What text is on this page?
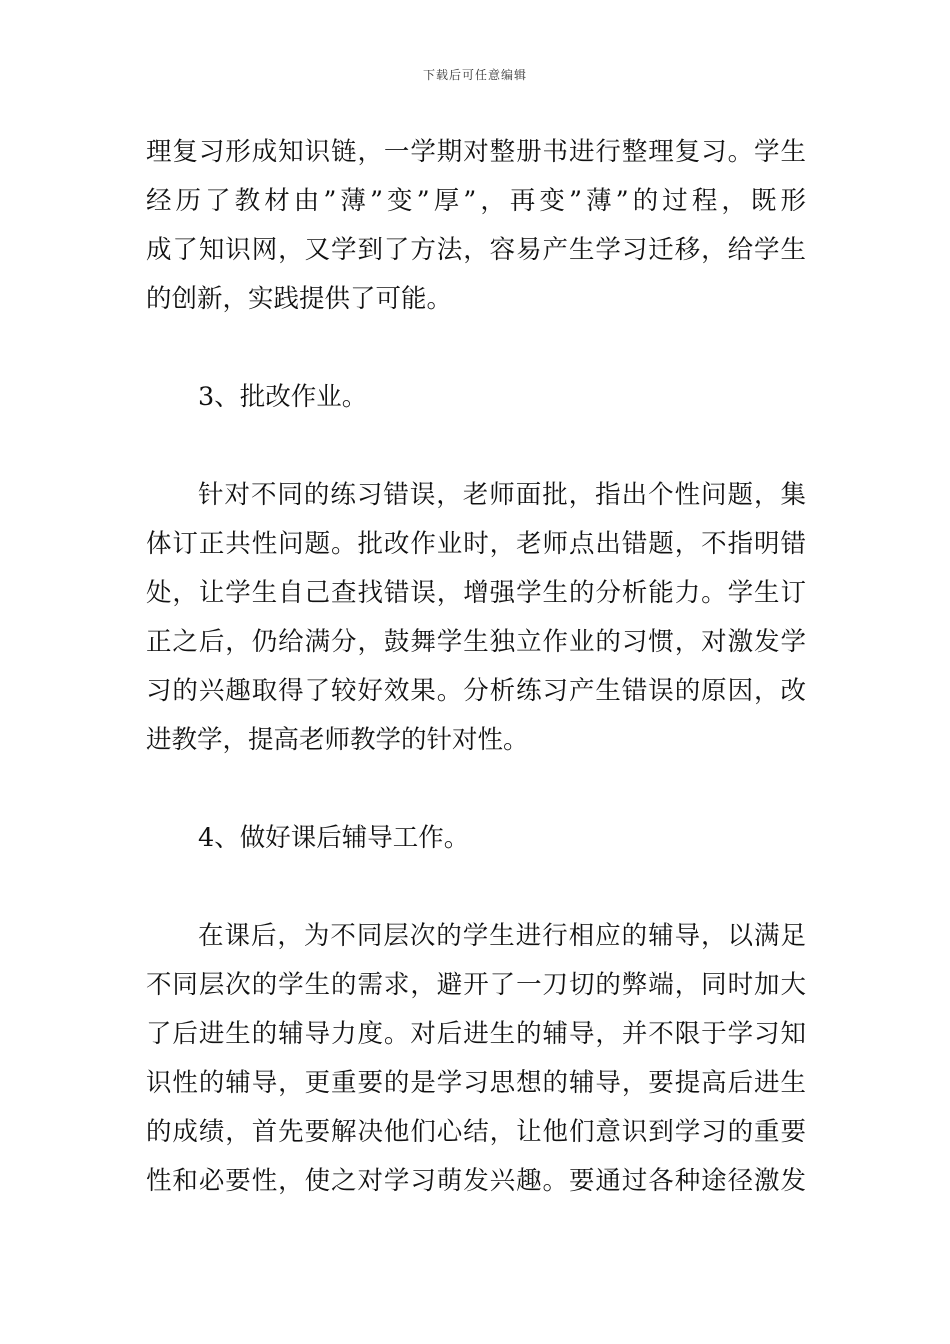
下载后可任意编辑
理复习形成知识链，一学期对整册书进行整理复习。学生
经历了教材由”薄”变”厚”，再变”薄”的过程，既形
成了知识网，又学到了方法，容易产生学习迁移，给学生
的创新，实践提供了可能。
3、批改作业。
针对不同的练习错误，老师面批，指出个性问题，集
体订正共性问题。批改作业时，老师点出错题，不指明错
处，让学生自己查找错误，增强学生的分析能力。学生订
正之后，仍给满分，鼓舞学生独立作业的习惯，对激发学
习的兴趣取得了较好效果。分析练习产生错误的原因，改
进教学，提高老师教学的针对性。
4、做好课后辅导工作。
在课后，为不同层次的学生进行相应的辅导，以满足
不同层次的学生的需求，避开了一刀切的弊端，同时加大
了后进生的辅导力度。对后进生的辅导，并不限于学习知
识性的辅导，更重要的是学习思想的辅导，要提高后进生
的成绩，首先要解决他们心结，让他们意识到学习的重要
性和必要性，使之对学习萌发兴趣。要通过各种途径激发
